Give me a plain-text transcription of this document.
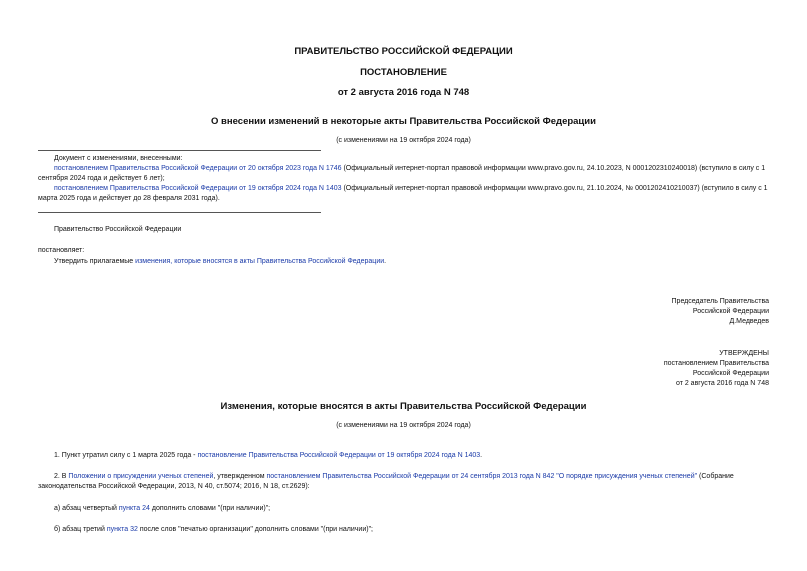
ПРАВИТЕЛЬСТВО РОССИЙСКОЙ ФЕДЕРАЦИИ
ПОСТАНОВЛЕНИЕ
от 2 августа 2016 года N 748
О внесении изменений в некоторые акты Правительства Российской Федерации
(с изменениями на 19 октября 2024 года)
Документ с изменениями, внесенными:
постановлением Правительства Российской Федерации от 20 октября 2023 года N 1746 (Официальный интернет-портал правовой информации www.pravo.gov.ru, 24.10.2023, N 0001202310240018) (вступило в силу с 1 сентября 2024 года и действует 6 лет);
постановлением Правительства Российской Федерации от 19 октября 2024 года N 1403 (Официальный интернет-портал правовой информации www.pravo.gov.ru, 21.10.2024, № 0001202410210037) (вступило в силу с 1 марта 2025 года и действует до 28 февраля 2031 года).
Правительство Российской Федерации
постановляет:
Утвердить прилагаемые изменения, которые вносятся в акты Правительства Российской Федерации.
Председатель Правительства
Российской Федерации
Д.Медведев
УТВЕРЖДЕНЫ
постановлением Правительства
Российской Федерации
от 2 августа 2016 года N 748
Изменения, которые вносятся в акты Правительства Российской Федерации
(с изменениями на 19 октября 2024 года)
1. Пункт утратил силу с 1 марта 2025 года - постановление Правительства Российской Федерации от 19 октября 2024 года N 1403.
2. В Положении о присуждении ученых степеней, утвержденном постановлением Правительства Российской Федерации от 24 сентября 2013 года N 842 "О порядке присуждения ученых степеней" (Собрание законодательства Российской Федерации, 2013, N 40, ст.5074; 2016, N 18, ст.2629):
а) абзац четвертый пункта 24 дополнить словами "(при наличии)";
б) абзац третий пункта 32 после слов "печатью организации" дополнить словами "(при наличии)";
